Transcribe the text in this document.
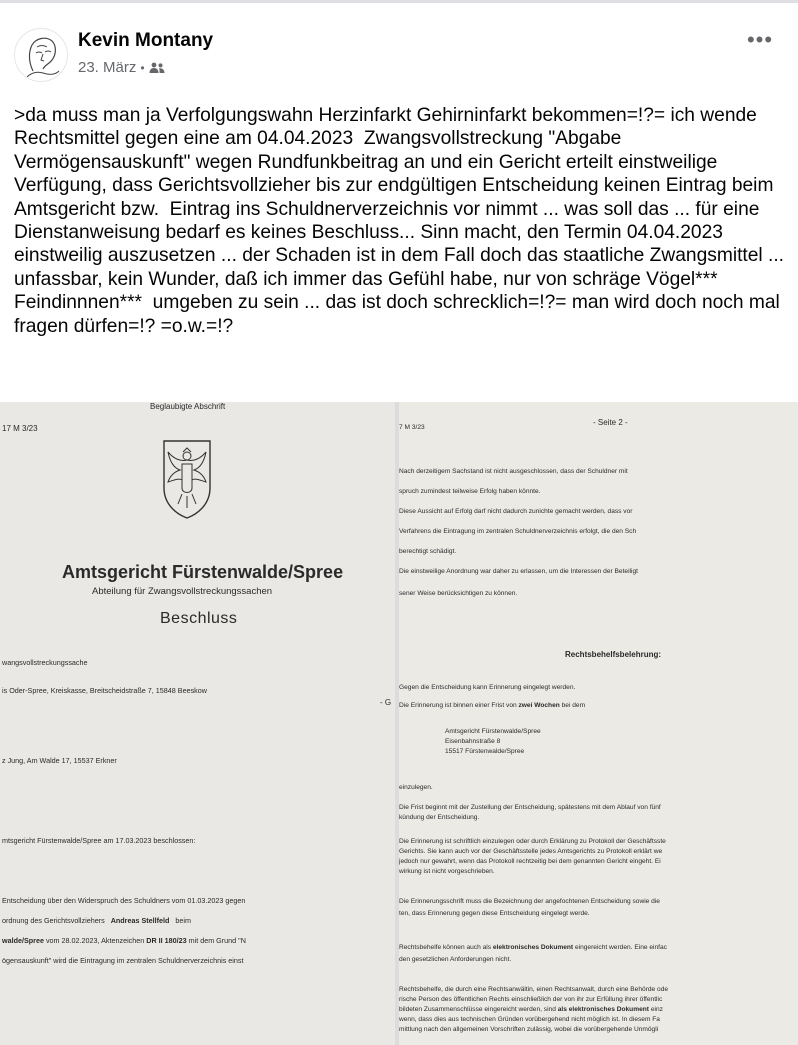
Kevin Montany
23. März •
•••
>da muss man ja Verfolgungswahn Herzinfarkt Gehirninfarkt bekommen=!?= ich wende Rechtsmittel gegen eine am 04.04.2023  Zwangsvollstreckung "Abgabe Vermögensauskunft" wegen Rundfunkbeitrag an und ein Gericht erteilt einstweilige Verfügung, dass Gerichtsvollzieher bis zur endgültigen Entscheidung keinen Eintrag beim Amtsgericht bzw.  Eintrag ins Schuldnerverzeichnis vor nimmt ... was soll das ... für eine Dienstanweisung bedarf es keines Beschluss... Sinn macht, den Termin 04.04.2023 einstweilig auszusetzen ... der Schaden ist in dem Fall doch das staatliche Zwangsmittel ... unfassbar, kein Wunder, daß ich immer das Gefühl habe, nur von schräge Vögel***  Feindinnnen***  umgeben zu sein ... das ist doch schrecklich=!?= man wird doch noch mal fragen dürfen=!? =o.w.=!?
Beglaubigte Abschrift
17 M 3/23
Amtsgericht Fürstenwalde/Spree
Abteilung für Zwangsvollstreckungssachen
Beschluss
wangsvollstreckungssache
is Oder-Spree, Kreiskasse, Breitscheidstraße 7, 15848 Beeskow
- G
z Jung, Am Walde 17, 15537 Erkner
mtsgericht Fürstenwalde/Spree am 17.03.2023 beschlossen:
Entscheidung über den Widerspruch des Schuldners vom 01.03.2023 gegen
ordnung des Gerichtsvollziehers Andreas Stellfeld beim
walde/Spree vom 28.02.2023, Aktenzeichen DR II 180/23 mit dem Grund "N
ögensauskunft" wird die Eintragung im zentralen Schuldnerverzeichnis einst
7 M 3/23
- Seite 2 -
Nach derzeitigem Sachstand ist nicht ausgeschlossen, dass der Schuldner mit
spruch zumindest teilweise Erfolg haben könnte.
Diese Aussicht auf Erfolg darf nicht dadurch zunichte gemacht werden, dass vor
Verfahrens die Eintragung im zentralen Schuldnerverzeichnis erfolgt, die den Sch
berechtigt schädigt.
Die einstweilige Anordnung war daher zu erlassen, um die Interessen der Beteiligt
sener Weise berücksichtigen zu können.
Rechtsbehelfsbelehrung:
Gegen die Entscheidung kann Erinnerung eingelegt werden.
Die Erinnerung ist binnen einer Frist von zwei Wochen bei dem
Amtsgericht Fürstenwalde/Spree
Eisenbahnstraße 8
15517 Fürstenwalde/Spree
einzulegen.
Die Frist beginnt mit der Zustellung der Entscheidung, spätestens mit dem Ablauf von fünf
kündung der Entscheidung.
Die Erinnerung ist schriftlich einzulegen oder durch Erklärung zu Protokoll der Geschäftsste
Gerichts. Sie kann auch vor der Geschäftsstelle jedes Amtsgerichts zu Protokoll erklärt we
jedoch nur gewahrt, wenn das Protokoll rechtzeitig bei dem genannten Gericht eingeht. Ei
wirkung ist nicht vorgeschrieben.
Die Erinnerungsschrift muss die Bezeichnung der angefochtenen Entscheidung sowie die
ten, dass Erinnerung gegen diese Entscheidung eingelegt werde.
Rechtsbehelfe können auch als elektronisches Dokument eingereicht werden. Eine einfac
den gesetzlichen Anforderungen nicht.
Rechtsbehelfe, die durch eine Rechtsanwältin, einen Rechtsanwalt, durch eine Behörde ode
rische Person des öffentlichen Rechts einschließlich der von ihr zur Erfüllung ihrer öffentlic
bildeten Zusammenschlüsse eingereicht werden, sind als elektronisches Dokument einz
wenn, dass dies aus technischen Gründen vorübergehend nicht möglich ist. In diesem Fa
mittlung nach den allgemeinen Vorschriften zulässig, wobei die vorübergehende Unmögli
